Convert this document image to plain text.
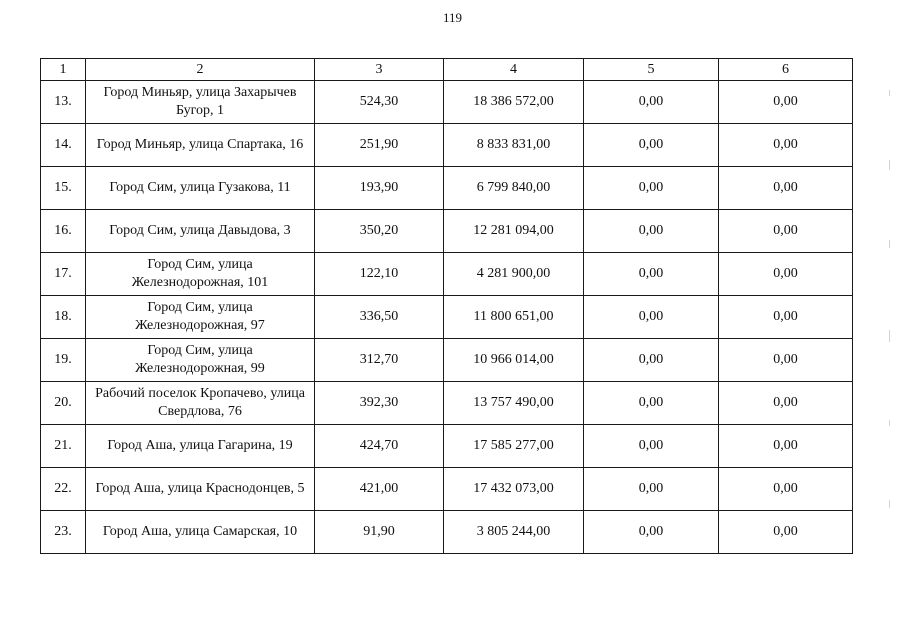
119
1	2	3	4	5	6
13.	Город Миньяр, улица Захарычев Бугор, 1	524,30	18 386 572,00	0,00	0,00
14.	Город Миньяр, улица Спартака, 16	251,90	8 833 831,00	0,00	0,00
15.	Город Сим, улица Гузакова, 11	193,90	6 799 840,00	0,00	0,00
16.	Город Сим, улица Давыдова, 3	350,20	12 281 094,00	0,00	0,00
17.	Город Сим, улица Железнодорожная, 101	122,10	4 281 900,00	0,00	0,00
18.	Город Сим, улица Железнодорожная, 97	336,50	11 800 651,00	0,00	0,00
19.	Город Сим, улица Железнодорожная, 99	312,70	10 966 014,00	0,00	0,00
20.	Рабочий поселок Кропачево, улица Свердлова, 76	392,30	13 757 490,00	0,00	0,00
21.	Город Аша, улица Гагарина, 19	424,70	17 585 277,00	0,00	0,00
22.	Город Аша, улица Краснодонцев, 5	421,00	17 432 073,00	0,00	0,00
23.	Город Аша, улица Самарская, 10	91,90	3 805 244,00	0,00	0,00
